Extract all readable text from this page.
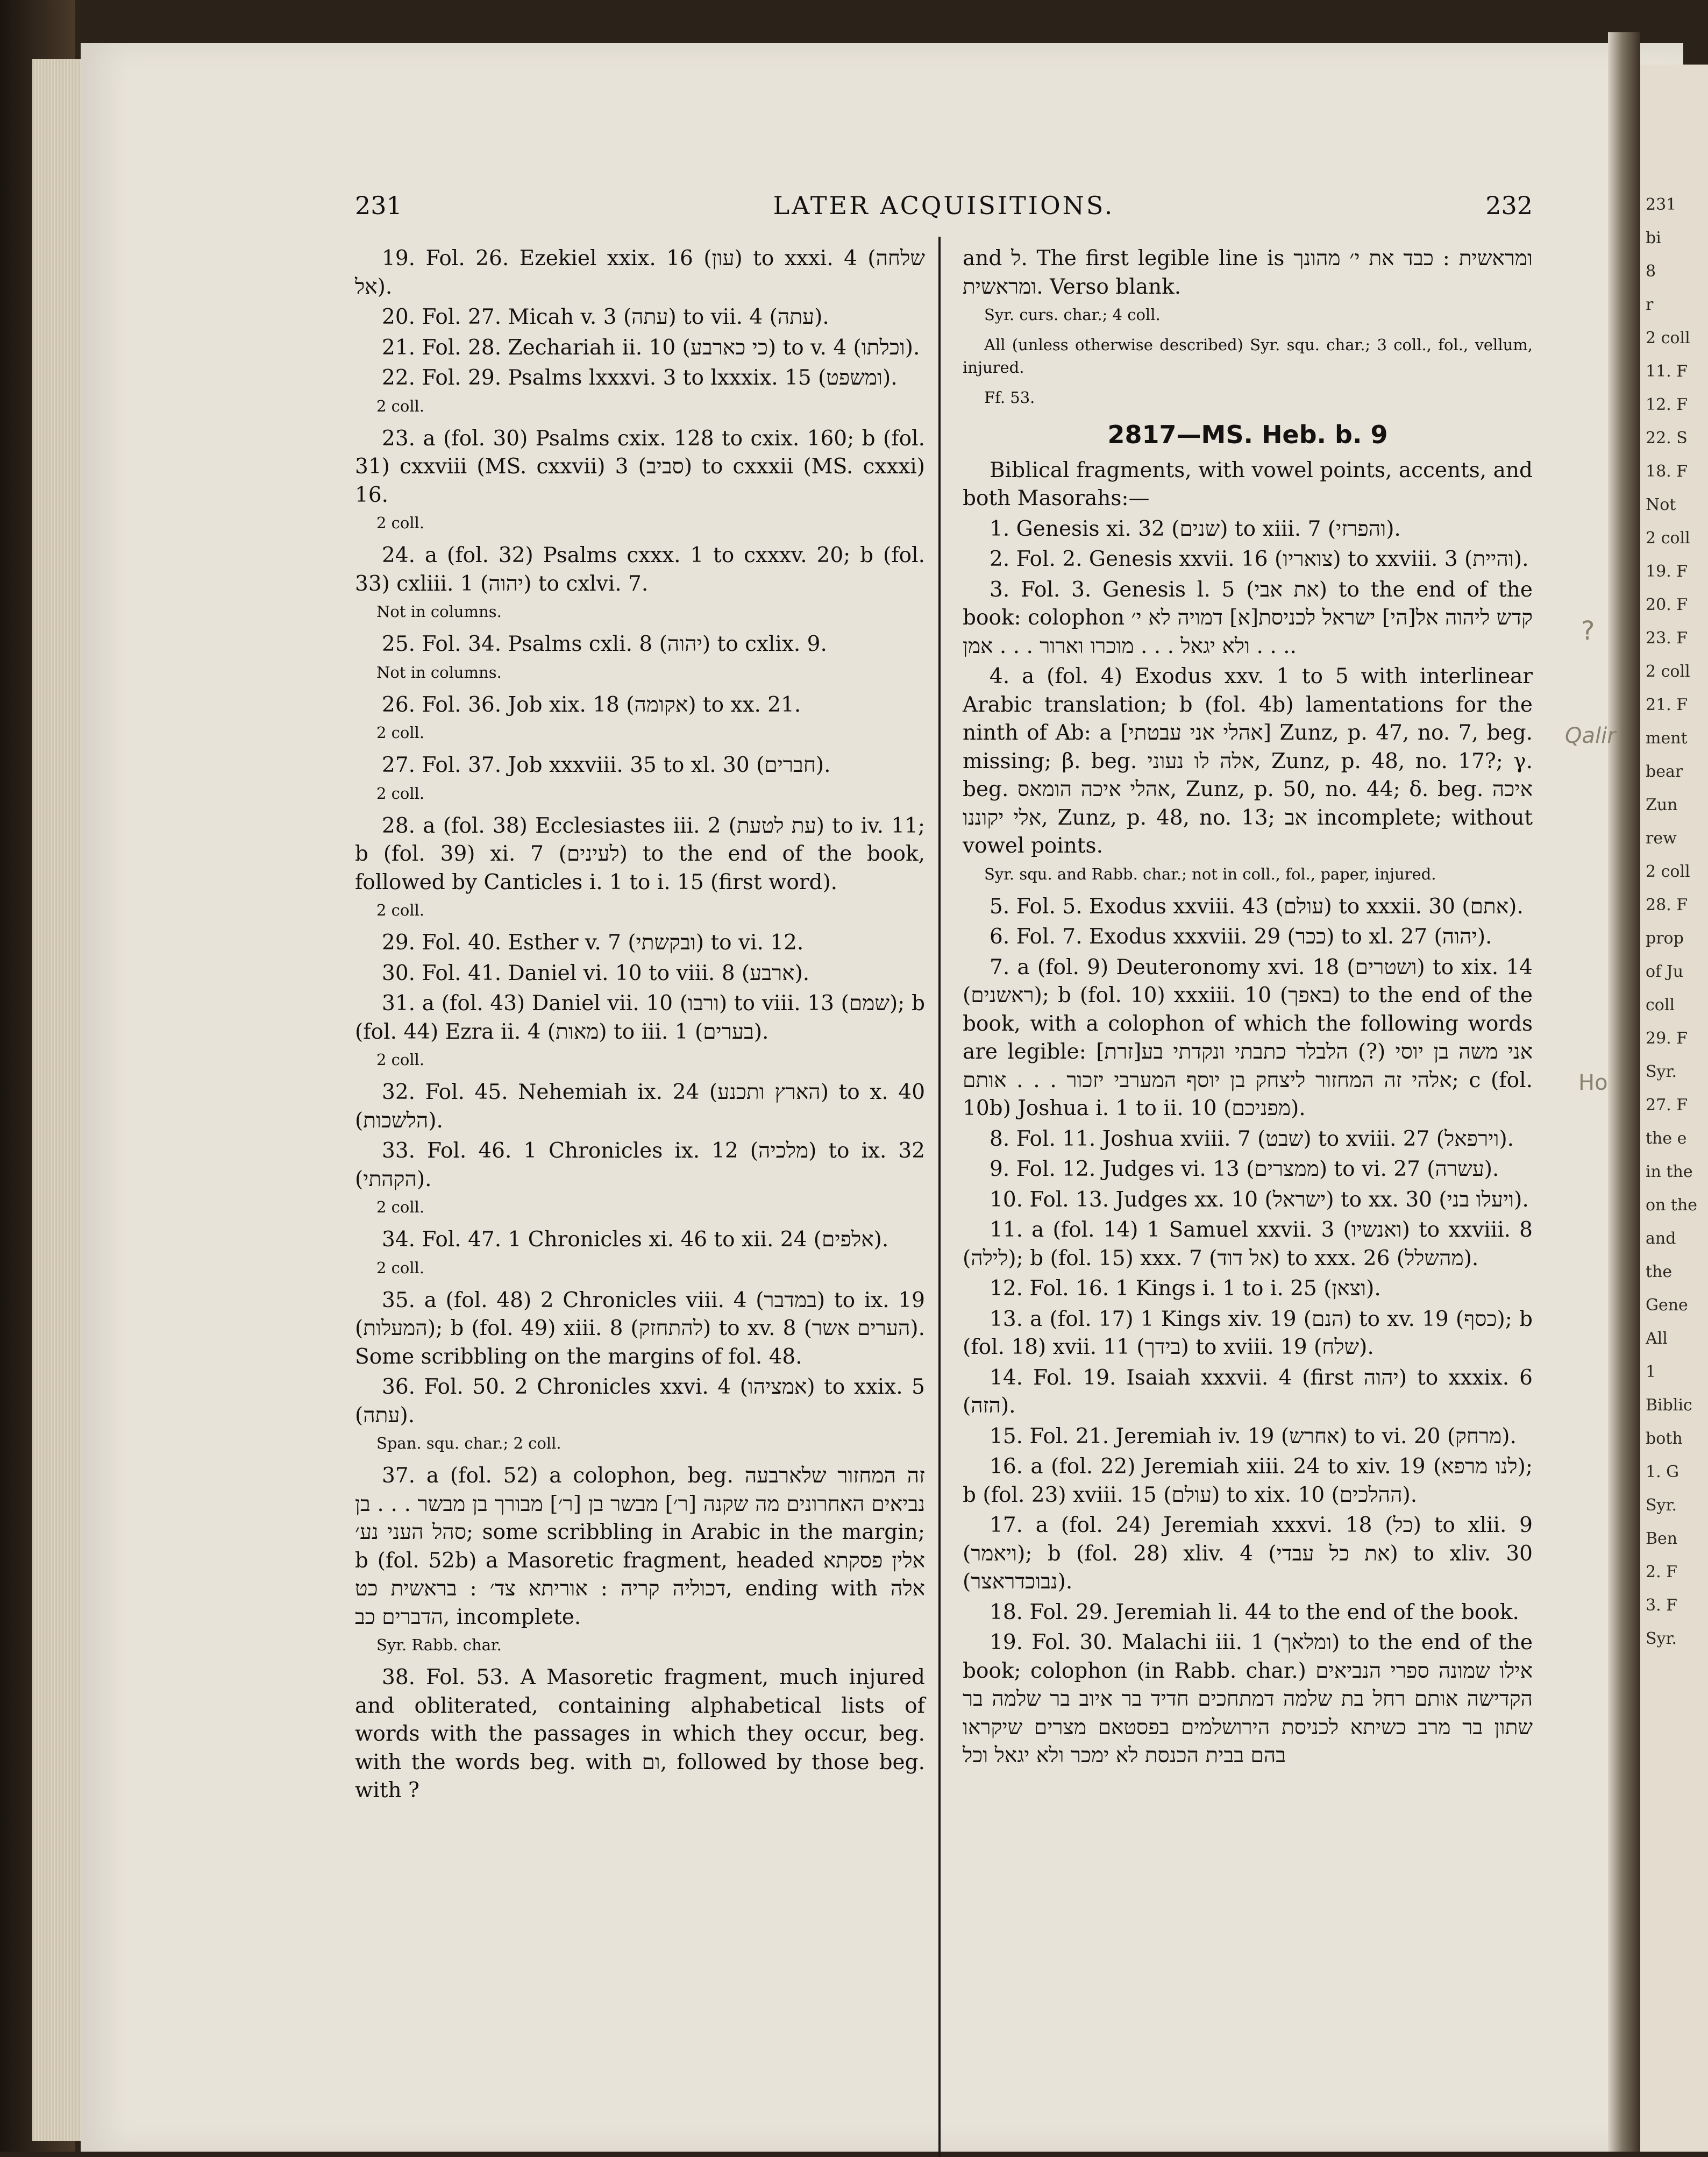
231
bi
8
r
2 coll
11. F
12. F
22. S
18. F
Not
2 coll
19. F
20. F
23. F
2 coll
21. F
ment
bear
Zun
rew
2 coll
28. F
prop
of Ju
coll
29. F
Syr.
27. F
the e
in the
on the
and
the
Gene
All
1
Biblic
both
1. G
Syr.
Ben
2. F
3. F
Syr.
231	LATER ACQUISITIONS.	232

19. Fol. 26. Ezekiel xxix. 16 (עון) to xxxi. 4 (שלחה אל).

20. Fol. 27. Micah v. 3 (עתה) to vii. 4 (עתה).

21. Fol. 28. Zechariah ii. 10 (כי כארבע) to v. 4 (וכלתו).

22. Fol. 29. Psalms lxxxvi. 3 to lxxxix. 15 (ומשפט).

2 coll.

23. a (fol. 30) Psalms cxix. 128 to cxix. 160; b (fol. 31) cxxviii (MS. cxxvii) 3 (סביב) to cxxxii (MS. cxxxi) 16.

2 coll.

24. a (fol. 32) Psalms cxxx. 1 to cxxxv. 20; b (fol. 33) cxliii. 1 (יהוה) to cxlvi. 7.

Not in columns.

25. Fol. 34. Psalms cxli. 8 (יהוה) to cxlix. 9.

Not in columns.

26. Fol. 36. Job xix. 18 (אקומה) to xx. 21.

2 coll.

27. Fol. 37. Job xxxviii. 35 to xl. 30 (חברים).

2 coll.

28. a (fol. 38) Ecclesiastes iii. 2 (עת לטעת) to iv. 11; b (fol. 39) xi. 7 (לעינים) to the end of the book, followed by Canticles i. 1 to i. 15 (first word).

2 coll.

29. Fol. 40. Esther v. 7 (ובקשתי) to vi. 12.

30. Fol. 41. Daniel vi. 10 to viii. 8 (ארבע).

31. a (fol. 43) Daniel vii. 10 (ורבו) to viii. 13 (שמם); b (fol. 44) Ezra ii. 4 (מאות) to iii. 1 (בערים).

2 coll.

32. Fol. 45. Nehemiah ix. 24 (הארץ ותכנע) to x. 40 (הלשכות).

33. Fol. 46. 1 Chronicles ix. 12 (מלכיה) to ix. 32 (הקהתי).

2 coll.

34. Fol. 47. 1 Chronicles xi. 46 to xii. 24 (אלפים).

2 coll.

35. a (fol. 48) 2 Chronicles viii. 4 (במדבר) to ix. 19 (המעלות); b (fol. 49) xiii. 8 (להתחזק) to xv. 8 (הערים אשר). Some scribbling on the margins of fol. 48.

36. Fol. 50. 2 Chronicles xxvi. 4 (אמציהו) to xxix. 5 (עתה).

Span. squ. char.; 2 coll.

37. a (fol. 52) a colophon, beg. זה המחזור שלארבעה נביאים האחרונים מה שקנה [ר׳] מבשר בן [ר׳] מבורך בן מבשר . . . בן סהל העני נע׳; some scribbling in Arabic in the margin; b (fol. 52b) a Masoretic fragment, headed אלין פסקתא דכוליה קריה : אוריתא צד׳ : בראשית כט, ending with אלה הדברים כב, incomplete.

Syr. Rabb. char.

38. Fol. 53. A Masoretic fragment, much injured and obliterated, containing alphabetical lists of words with the passages in which they occur, beg. with the words beg. with ום, followed by those beg. with ?

and ל. The first legible line is ומראשית : כבד את י׳ מהונך ומראשית. Verso blank.

Syr. curs. char.; 4 coll.

All (unless otherwise described) Syr. squ. char.; 3 coll., fol., vellum, injured.

Ff. 53.

2817—MS. Heb. b. 9

Biblical fragments, with vowel points, accents, and both Masorahs:—

1. Genesis xi. 32 (שנים) to xiii. 7 (והפרזי).

2. Fol. 2. Genesis xxvii. 16 (צואריו) to xxviii. 3 (והיית).

3. Fol. 3. Genesis l. 5 (את אבי) to the end of the book: colophon קדש ליהוה אל[הי] ישראל לכניסת[א] דמויה לא י׳ . . . ולא יגאל . . . מוכרו וארור . . . אמן.

4. a (fol. 4) Exodus xxv. 1 to 5 with interlinear Arabic translation; b (fol. 4b) lamentations for the ninth of Ab: a [אהלי אני עבטתי] Zunz, p. 47, no. 7, beg. missing; β. beg. אלה לו נעוני, Zunz, p. 48, no. 17?; γ. beg. אהלי איכה הומאס, Zunz, p. 50, no. 44; δ. beg. איכה אלי יקוננו, Zunz, p. 48, no. 13; אב incomplete; without vowel points.

Syr. squ. and Rabb. char.; not in coll., fol., paper, injured.

5. Fol. 5. Exodus xxviii. 43 (עולם) to xxxii. 30 (אתם).

6. Fol. 7. Exodus xxxviii. 29 (ככר) to xl. 27 (יהוה).

7. a (fol. 9) Deuteronomy xvi. 18 (ושטרים) to xix. 14 (ראשנים); b (fol. 10) xxxiii. 10 (באפך) to the end of the book, with a colophon of which the following words are legible: אני משה בן יוסי (?) הלבלר כתבתי ונקדתי בע[זרת] אלהי זה המחזור ליצחק בן יוסף המערבי יזכור . . . אותם; c (fol. 10b) Joshua i. 1 to ii. 10 (מפניכם).

8. Fol. 11. Joshua xviii. 7 (שבט) to xviii. 27 (וירפאל).

9. Fol. 12. Judges vi. 13 (ממצרים) to vi. 27 (עשרה).

10. Fol. 13. Judges xx. 10 (ישראל) to xx. 30 (ויעלו בני).

11. a (fol. 14) 1 Samuel xxvii. 3 (ואנשיו) to xxviii. 8 (לילה); b (fol. 15) xxx. 7 (אל דוד) to xxx. 26 (מהשלל).

12. Fol. 16. 1 Kings i. 1 to i. 25 (וצאן).

13. a (fol. 17) 1 Kings xiv. 19 (הנם) to xv. 19 (כסף); b (fol. 18) xvii. 11 (בידך) to xviii. 19 (שלח).

14. Fol. 19. Isaiah xxxvii. 4 (first יהוה) to xxxix. 6 (הזה).

15. Fol. 21. Jeremiah iv. 19 (אחרש) to vi. 20 (מרחק).

16. a (fol. 22) Jeremiah xiii. 24 to xiv. 19 (לנו מרפא); b (fol. 23) xviii. 15 (עולם) to xix. 10 (ההלכים).

17. a (fol. 24) Jeremiah xxxvi. 18 (כל) to xlii. 9 (ויאמר); b (fol. 28) xliv. 4 (את כל עבדי) to xliv. 30 (נבוכדראצר).

18. Fol. 29. Jeremiah li. 44 to the end of the book.

19. Fol. 30. Malachi iii. 1 (ומלאך) to the end of the book; colophon (in Rabb. char.) אילו שמונה ספרי הנביאים הקדישה אותם רחל בת שלמה דמתחכים חדיד בר איוב בר שלמה בר שתון בר מרב כשיתא לכניסת הירושלמים בפסטאם מצרים שיקראו בהם בבית הכנסת לא ימכר ולא יגאל וכל

?
Qalir
Ho
